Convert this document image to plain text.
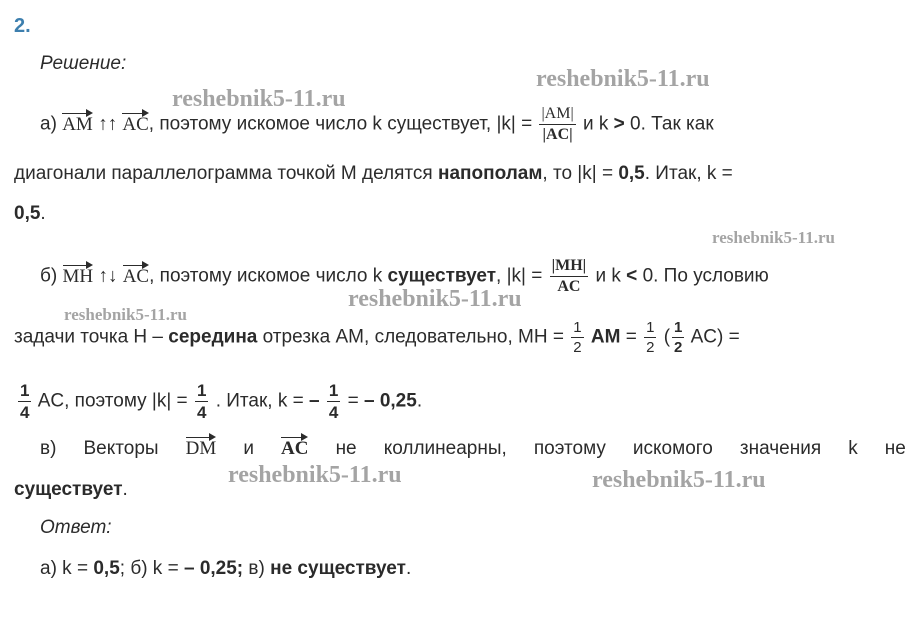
reshebnik5-11.ru
reshebnik5-11.ru
reshebnik5-11.ru
reshebnik5-11.ru
reshebnik5-11.ru
reshebnik5-11.ru	reshebnik5-11.ru
2.
Решение:
а) AM ↑↑ AC, поэтому искомое число k существует, $|k| = \frac{|AM|}{|AC|}$ и k > 0. Так как
диагонали параллелограмма точкой М делятся напополам, то |k| = 0,5. Итак, k =
0,5.
б) MH ↑↓ AC, поэтому искомое число k существует, $|k| = \frac{|MH|}{AC}$ и k < 0. По условию
задачи точка Н – середина отрезка АМ, следовательно, МН = $\frac{1}{2}$ AM = $\frac{1}{2}$ ( $\frac{1}{2} AC$) =
$\frac{1}{4}$ AC, поэтому $|k| = \frac{1}{4}$ . Итак, k = – $\frac{1}{4}$ = – 0,25.
в) Векторы DM и AC не коллинеарны, поэтому искомого значения k не
существует.
Ответ:
а) k = 0,5; б) k = – 0,25; в) не существует.
